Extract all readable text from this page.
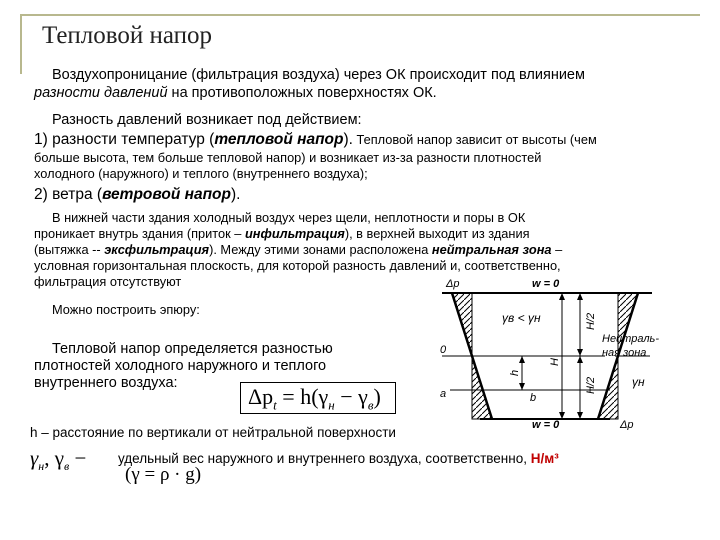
Тепловой напор
Воздухопроницание (фильтрация воздуха) через ОК происходит под влиянием
разности давлений на противоположных поверхностях ОК.
Разность давлений возникает под действием:
1) разности температур (тепловой напор). Тепловой напор зависит от высоты (чем
больше высота, тем больше тепловой напор) и возникает из-за разности плотностей
холодного (наружного) и теплого (внутреннего воздуха);
2) ветра (ветровой напор).
В нижней части здания холодный воздух через щели, неплотности и поры в ОК
проникает внутрь здания (приток – инфильтрация), в верхней выходит из здания
(вытяжка -- эксфильтрация). Между этими зонами расположена нейтральная зона –
условная горизонтальная плоскость, для которой разность давлений и, соответственно,
фильтрация отсутствуют
Можно построить эпюру:
Тепловой напор определяется разностью
плотностей холодного наружного и теплого
внутреннего воздуха:
$\Delta p_t = h(\gamma_н - \gamma_в)$
h – расстояние по вертикали от нейтральной поверхности
$\gamma_н$, $\gamma_в$ − удельный вес наружного и внутреннего воздуха, соответственно, Н/м³
(γ = ρ · g)
Δp	w = 0
γв < γн	Н/2
Н/2
Н
h
Нейтраль-
ная зона
0
a	b
γн
w = 0	Δp
